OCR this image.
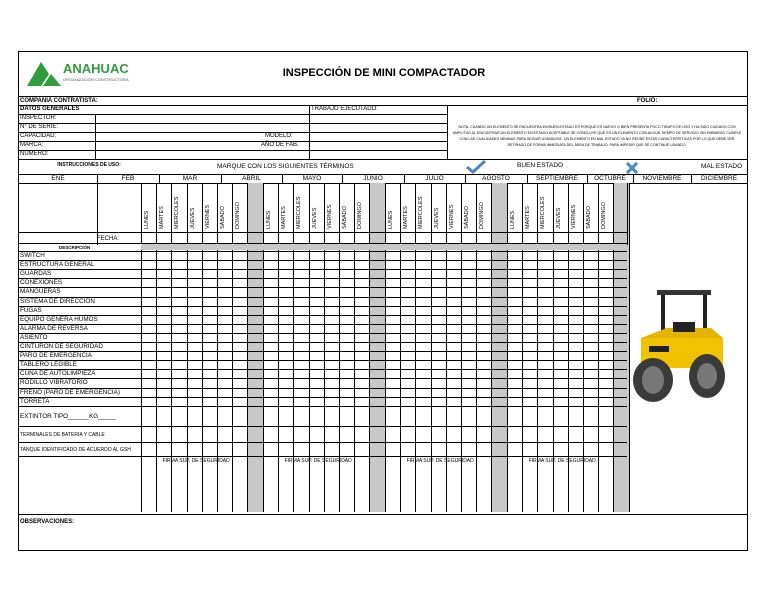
ANAHUAC
ORGANIZACIÓN CONSTRUCTORA
INSPECCIÓN DE MINI COMPACTADOR
COMPAÑÍA CONTRATISTA:	FOLIO:
DATOS GENERALES	TRABAJO EJECUTADO:
INSPECTOR:
N° DE SERIE:
CAPACIDAD:	MODELO:
MARCA:	AÑO DE FAB.
NUMERO:
NOTA: CUANDO UN ELEMENTO SE ENCUENTRA EN BUEN ESTADO ES PORQUE ES NUEVO O BIEN PRESENTA POCO TIEMPO DE USO Y HA SIDO CUIDADO CON AMPLITUD AL ENCONTRAR UN ELEMENTO EN ESTADO ACEPTABLE SE CONCLUYE QUE ES UN ELEMENTO CON ALGÚN TIEMPO DE SERVICIO SIN EMBARGO CUMPLE CON LAS CUALIDADES MÍNIMAS PARA SEGUIR USÁNDOSE. UN ELEMENTO EN MAL ESTADO YA NO REUNE ESTAS CARACTERÍSTICAS POR LO QUE DEBE SER RETIRADO DE FORMA INMEDIATA DEL ÁREA DE TRABAJO, PARA IMPEDIR QUE SE CONTINUE USANDO.
INSTRUCCIONES DE USO:	MARQUE CON LOS SIGUIENTES TÉRMINOS	BUEN ESTADO	MAL ESTADO
ENE	FEB	MAR	ABRIL	MAYO	JUNIO	JULIO	AGOSTO	SEPTIEMBRE	OCTUBRE	NOVIEMBRE	DICIEMBRE
LUNES MARTES MIERCOLES JUEVES VIERNES SÁBADO DOMINGO	LUNES MARTES MIERCOLES JUEVES VIERNES SÁBADO DOMINGO	LUNES MARTES MIERCOLES JUEVES VIERNES SÁBADO DOMINGO	LUNES MARTES MIERCOLES JUEVES VIERNES SÁBADO DOMINGO
FECHA:
DESCRIPCIÓN
SWITCH
ESTRUCTURA GENERAL
GUARDAS
CONEXIONES
MANGUERAS
SISTEMA DE DIRECCIÓN
FUGAS
EQUIPO GENERA HUMOS
ALARMA DE REVERSA
ASIENTO
CINTURON DE SEGURIDAD
PARO DE EMERGENCIA
TABLERO LEGIBLE
CUÑA DE AUTOLIMPIEZA
RODILLO VIBRATORIO
FRENO (PARO DE EMERGENCIA)
TORRETA
EXTINTOR TIPO______KG_____
TERMINALES DE BATERIA Y CABLE
TANQUE IDENTIFICADO DE ACUERDO AL GSH
FIRMA SUP. DE SEGURIDAD	FIRMA SUP. DE SEGURIDAD	FIRMA SUP. DE SEGURIDAD	FIRMA SUP. DE SEGURIDAD
OBSERVACIONES:
